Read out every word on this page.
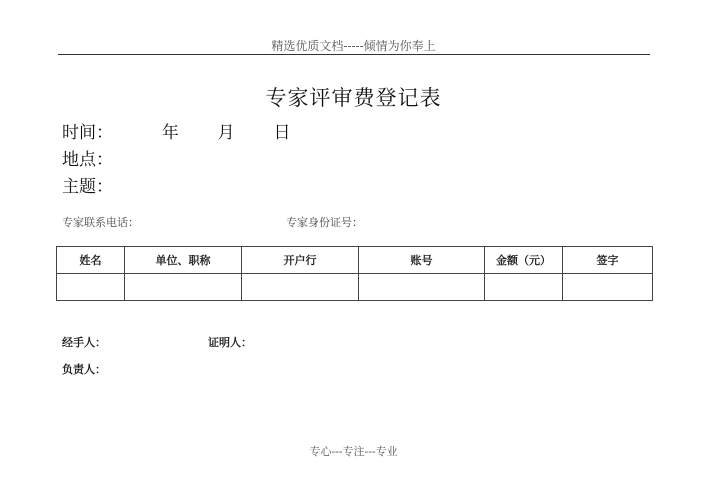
精选优质文档-----倾情为你奉上
专家评审费登记表
时间：	年 月 日
地点：
主题：
专家联系电话：	专家身份证号：
姓名	单位、职称	开户行	账号	金额（元）	签字

经手人：	证明人：
负责人：
专心---专注---专业
